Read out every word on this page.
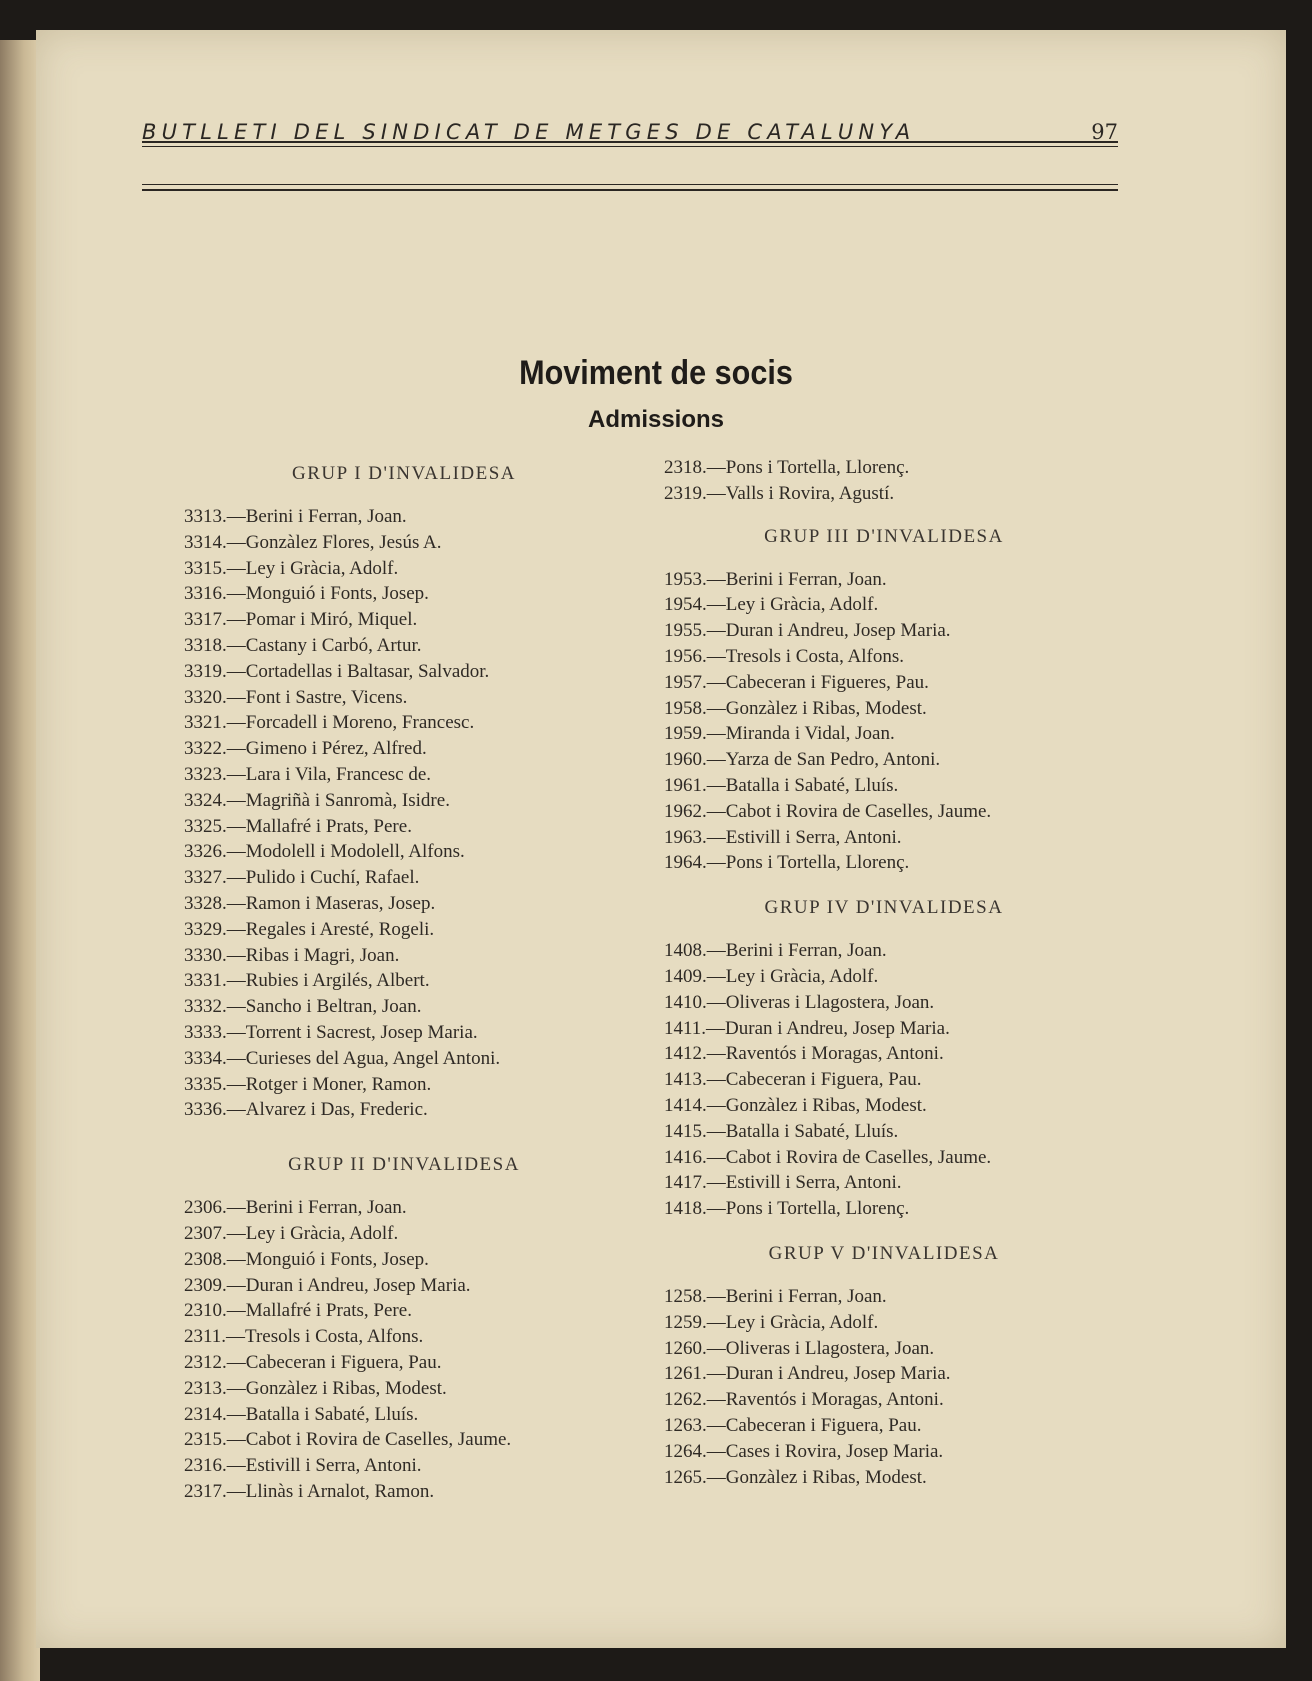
BUTLLETI DEL SINDICAT DE METGES DE CATALUNYA	97
Moviment de socis
Admissions
GRUP I D'INVALIDESA
3313.—Berini i Ferran, Joan.
3314.—Gonzàlez Flores, Jesús A.
3315.—Ley i Gràcia, Adolf.
3316.—Monguió i Fonts, Josep.
3317.—Pomar i Miró, Miquel.
3318.—Castany i Carbó, Artur.
3319.—Cortadellas i Baltasar, Salvador.
3320.—Font i Sastre, Vicens.
3321.—Forcadell i Moreno, Francesc.
3322.—Gimeno i Pérez, Alfred.
3323.—Lara i Vila, Francesc de.
3324.—Magriñà i Sanromà, Isidre.
3325.—Mallafré i Prats, Pere.
3326.—Modolell i Modolell, Alfons.
3327.—Pulido i Cuchí, Rafael.
3328.—Ramon i Maseras, Josep.
3329.—Regales i Aresté, Rogeli.
3330.—Ribas i Magri, Joan.
3331.—Rubies i Argilés, Albert.
3332.—Sancho i Beltran, Joan.
3333.—Torrent i Sacrest, Josep Maria.
3334.—Curieses del Agua, Angel Antoni.
3335.—Rotger i Moner, Ramon.
3336.—Alvarez i Das, Frederic.
GRUP II D'INVALIDESA
2306.—Berini i Ferran, Joan.
2307.—Ley i Gràcia, Adolf.
2308.—Monguió i Fonts, Josep.
2309.—Duran i Andreu, Josep Maria.
2310.—Mallafré i Prats, Pere.
2311.—Tresols i Costa, Alfons.
2312.—Cabeceran i Figuera, Pau.
2313.—Gonzàlez i Ribas, Modest.
2314.—Batalla i Sabaté, Lluís.
2315.—Cabot i Rovira de Caselles, Jaume.
2316.—Estivill i Serra, Antoni.
2317.—Llinàs i Arnalot, Ramon.
2318.—Pons i Tortella, Llorenç.
2319.—Valls i Rovira, Agustí.
GRUP III D'INVALIDESA
1953.—Berini i Ferran, Joan.
1954.—Ley i Gràcia, Adolf.
1955.—Duran i Andreu, Josep Maria.
1956.—Tresols i Costa, Alfons.
1957.—Cabeceran i Figueres, Pau.
1958.—Gonzàlez i Ribas, Modest.
1959.—Miranda i Vidal, Joan.
1960.—Yarza de San Pedro, Antoni.
1961.—Batalla i Sabaté, Lluís.
1962.—Cabot i Rovira de Caselles, Jaume.
1963.—Estivill i Serra, Antoni.
1964.—Pons i Tortella, Llorenç.
GRUP IV D'INVALIDESA
1408.—Berini i Ferran, Joan.
1409.—Ley i Gràcia, Adolf.
1410.—Oliveras i Llagostera, Joan.
1411.—Duran i Andreu, Josep Maria.
1412.—Raventós i Moragas, Antoni.
1413.—Cabeceran i Figuera, Pau.
1414.—Gonzàlez i Ribas, Modest.
1415.—Batalla i Sabaté, Lluís.
1416.—Cabot i Rovira de Caselles, Jaume.
1417.—Estivill i Serra, Antoni.
1418.—Pons i Tortella, Llorenç.
GRUP V D'INVALIDESA
1258.—Berini i Ferran, Joan.
1259.—Ley i Gràcia, Adolf.
1260.—Oliveras i Llagostera, Joan.
1261.—Duran i Andreu, Josep Maria.
1262.—Raventós i Moragas, Antoni.
1263.—Cabeceran i Figuera, Pau.
1264.—Cases i Rovira, Josep Maria.
1265.—Gonzàlez i Ribas, Modest.
